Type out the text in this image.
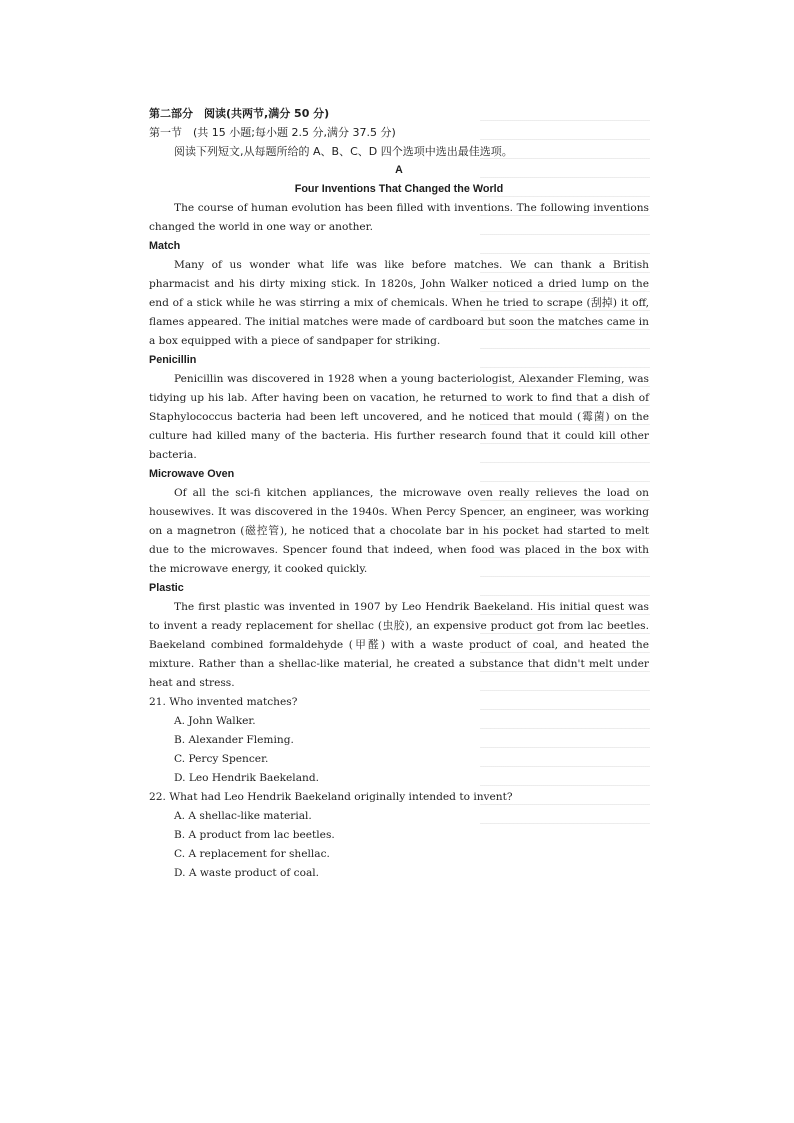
第二部分　阅读(共两节,满分 50 分)
第一节　(共 15 小题;每小题 2.5 分,满分 37.5 分)
阅读下列短文,从每题所给的 A、B、C、D 四个选项中选出最佳选项。
A
Four Inventions That Changed the World

The course of human evolution has been filled with inventions. The following inventions changed the world in one way or another.

Match

Many of us wonder what life was like before matches. We can thank a British pharmacist and his dirty mixing stick. In 1820s, John Walker noticed a dried lump on the end of a stick while he was stirring a mix of chemicals. When he tried to scrape (刮掉) it off, flames appeared. The initial matches were made of cardboard but soon the matches came in a box equipped with a piece of sandpaper for striking.

Penicillin

Penicillin was discovered in 1928 when a young bacteriologist, Alexander Fleming, was tidying up his lab. After having been on vacation, he returned to work to find that a dish of Staphylococcus bacteria had been left uncovered, and he noticed that mould (霉菌) on the culture had killed many of the bacteria. His further research found that it could kill other bacteria.

Microwave Oven

Of all the sci-fi kitchen appliances, the microwave oven really relieves the load on housewives. It was discovered in the 1940s. When Percy Spencer, an engineer, was working on a magnetron (磁控管), he noticed that a chocolate bar in his pocket had started to melt due to the microwaves. Spencer found that indeed, when food was placed in the box with the microwave energy, it cooked quickly.

Plastic

The first plastic was invented in 1907 by Leo Hendrik Baekeland. His initial quest was to invent a ready replacement for shellac (虫胶), an expensive product got from lac beetles. Baekeland combined formaldehyde (甲醛) with a waste product of coal, and heated the mixture. Rather than a shellac-like material, he created a substance that didn't melt under heat and stress.

21. Who invented matches?
A. John Walker.
B. Alexander Fleming.
C. Percy Spencer.
D. Leo Hendrik Baekeland.
22. What had Leo Hendrik Baekeland originally intended to invent?
A. A shellac-like material.
B. A product from lac beetles.
C. A replacement for shellac.
D. A waste product of coal.
